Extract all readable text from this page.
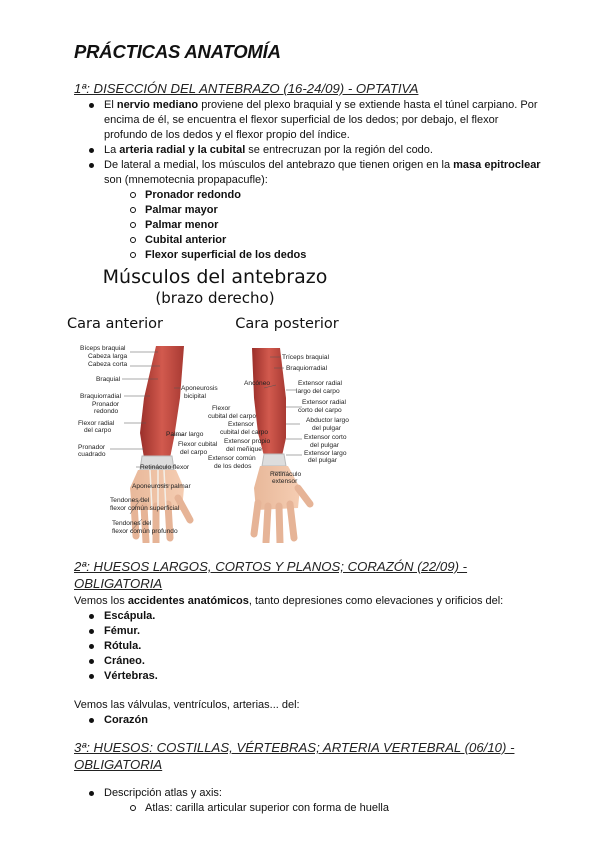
PRÁCTICAS ANATOMÍA
1ª: DISECCIÓN DEL ANTEBRAZO (16-24/09) - OPTATIVA
El nervio mediano proviene del plexo braquial y se extiende hasta el túnel carpiano. Por encima de él, se encuentra el flexor superficial de los dedos; por debajo, el flexor profundo de los dedos y el flexor propio del índice.
La arteria radial y la cubital se entrecruzan por la región del codo.
De lateral a medial, los músculos del antebrazo que tienen origen en la masa epitroclear son (mnemotecnia propapacufle):
Pronador redondo
Palmar mayor
Palmar menor
Cubital anterior
Flexor superficial de los dedos
Músculos del antebrazo
(brazo derecho)
Cara anterior	Cara posterior
Bíceps braquial
Cabeza larga
Cabeza corta
Braquial
Braquiorradial
Pronador
redondo
Flexor radial
del carpo
Pronador
cuadrado
Aponeurosis
bicipital
Palmar largo
Flexor cubital
del carpo
Retináculo flexor
Aponeurosis palmar
Tendones del
flexor común superficial
Tendones del
flexor común profundo
Tríceps braquial
Braquiorradial
Ancóneo	Extensor radial
largo del carpo
Extensor radial
corto del carpo
Abductor largo
del pulgar
Extensor corto
del pulgar
Extensor largo
del pulgar
Flexor
cubital del carpo
Extensor
cubital del carpo
Extensor propio
del meñique
Extensor común
de los dedos
Retináculo
extensor
2ª: HUESOS LARGOS, CORTOS Y PLANOS; CORAZÓN (22/09) - OBLIGATORIA
Vemos los accidentes anatómicos, tanto depresiones como elevaciones y orificios del:
Escápula.
Fémur.
Rótula.
Cráneo.
Vértebras.
Vemos las válvulas, ventrículos, arterias... del:
Corazón
3ª: HUESOS: COSTILLAS, VÉRTEBRAS; ARTERIA VERTEBRAL (06/10) - OBLIGATORIA
Descripción atlas y axis:
Atlas: carilla articular superior con forma de huella
